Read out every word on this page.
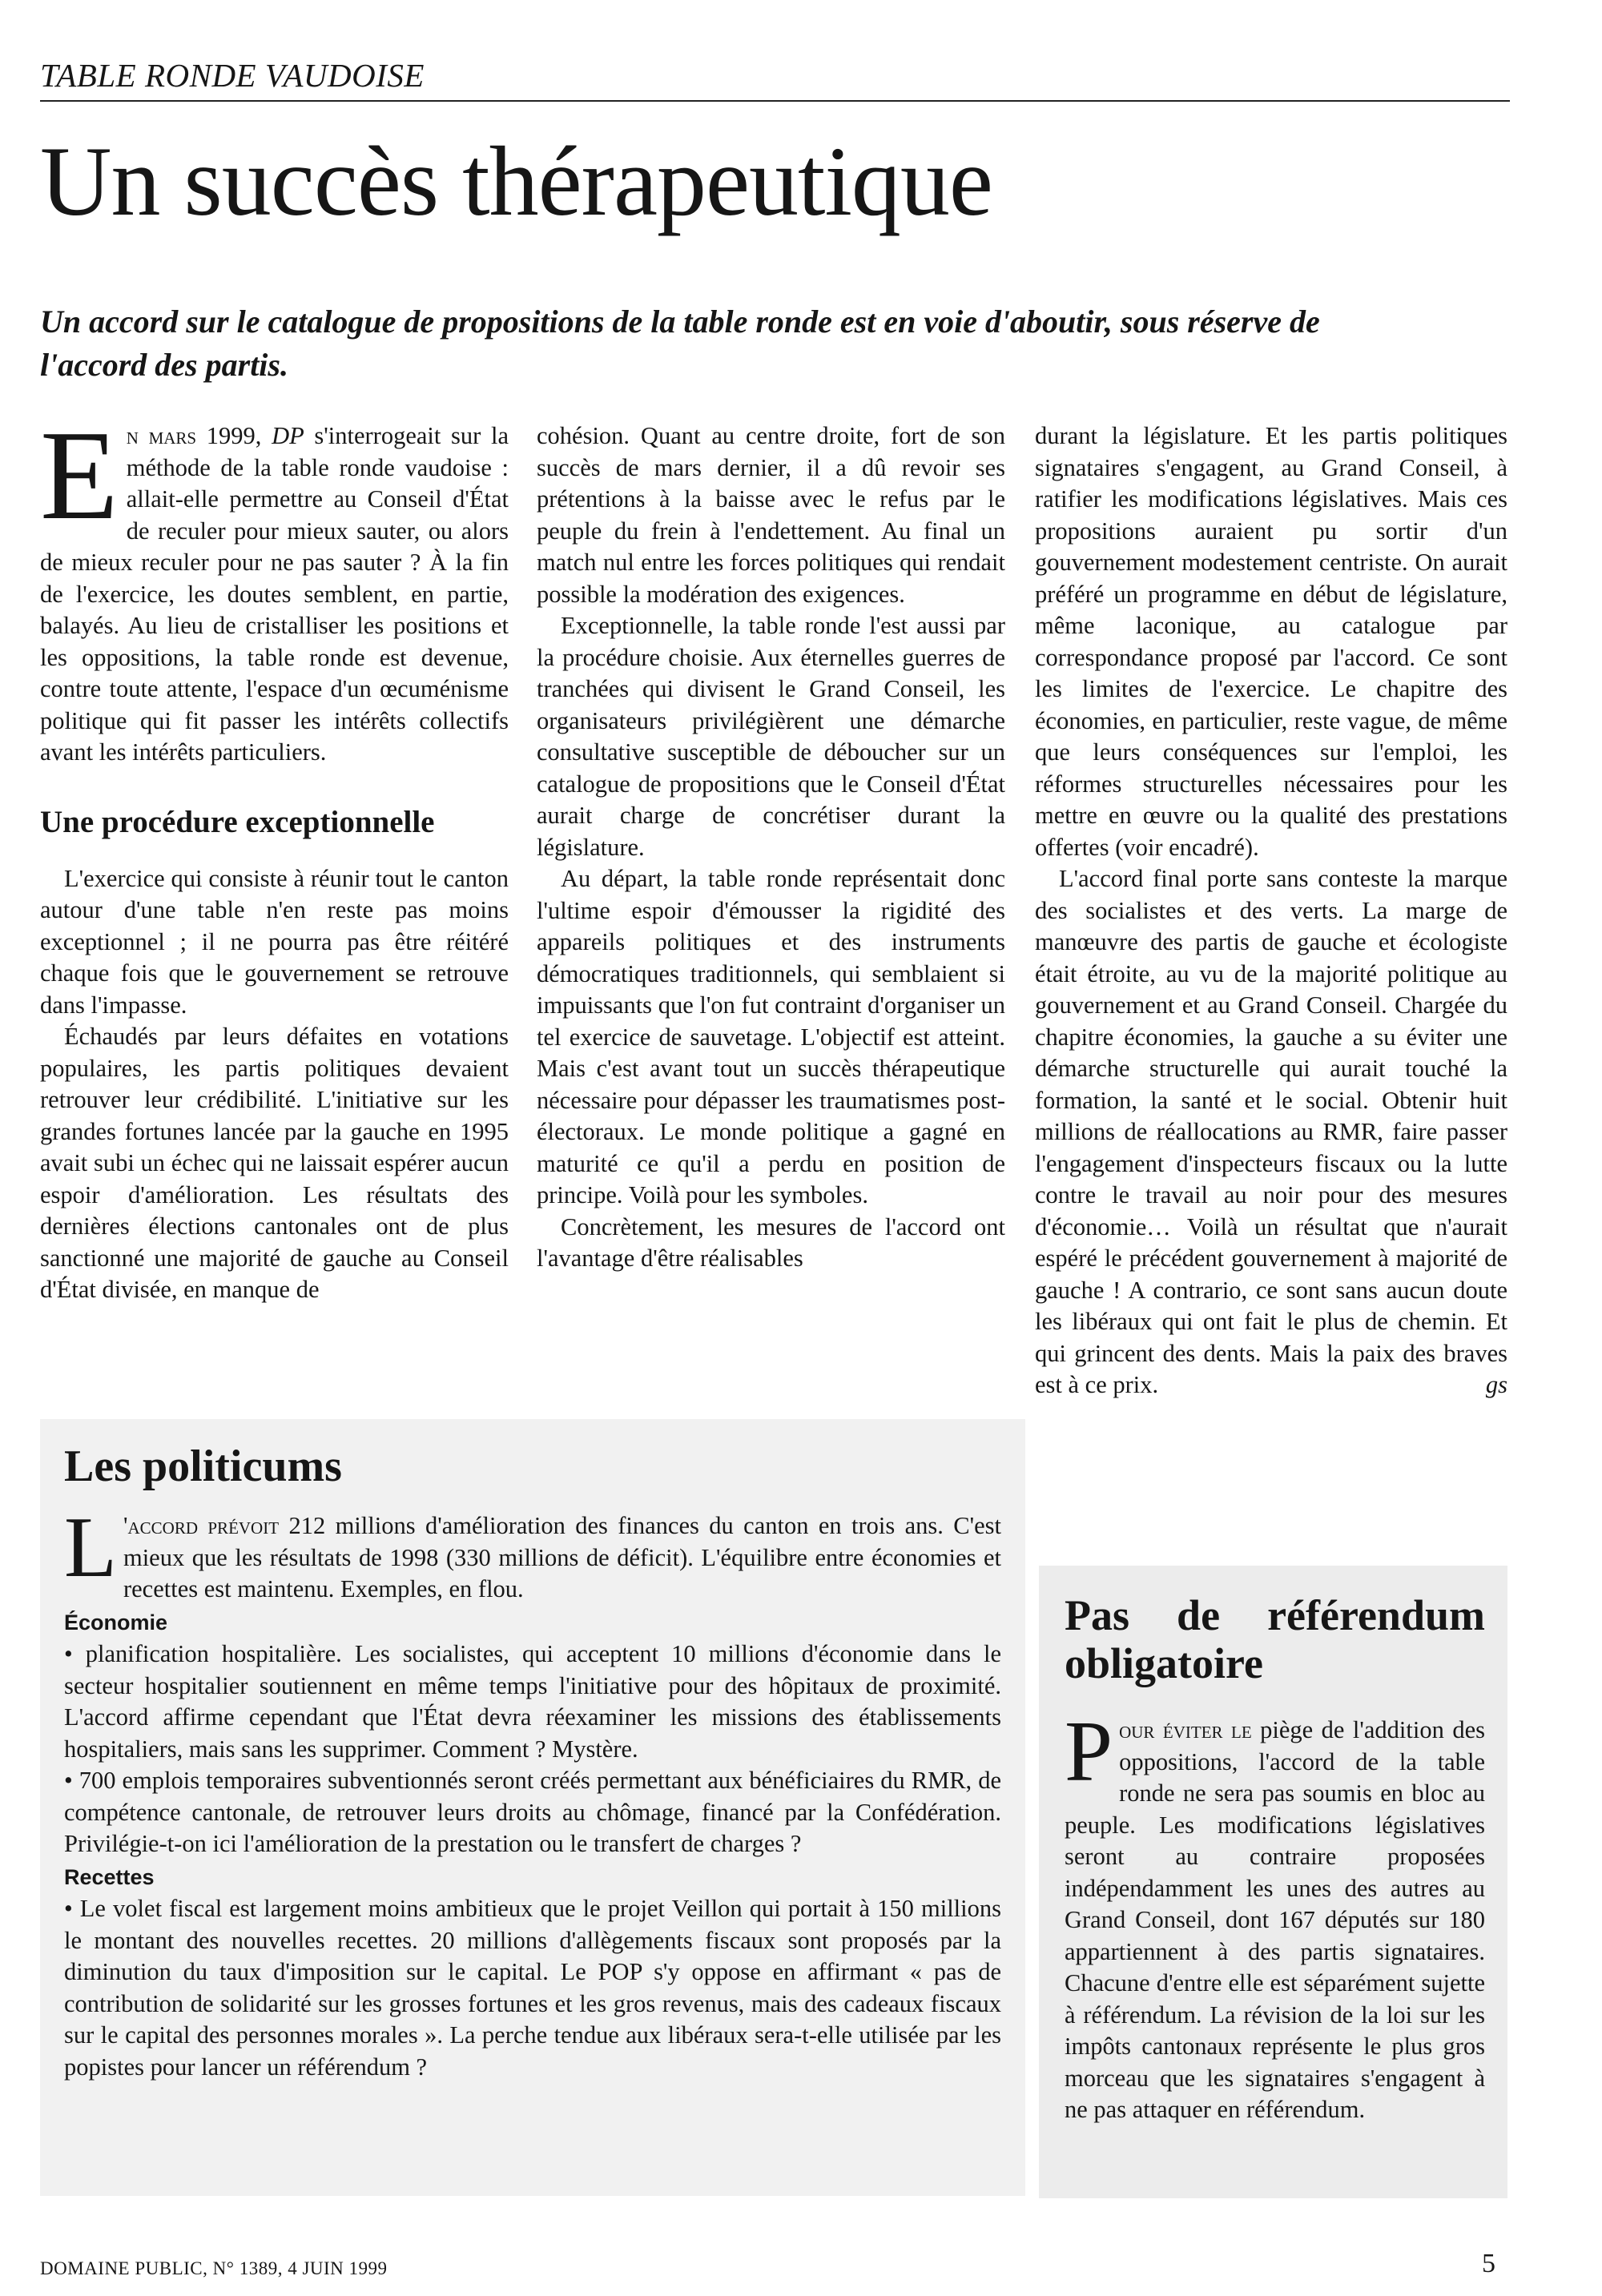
TABLE RONDE VAUDOISE
Un succès thérapeutique

Un accord sur le catalogue de propositions de la table ronde est en voie d'aboutir, sous réserve de l'accord des partis.

En mars 1999, DP s'interrogeait sur la méthode de la table ronde vaudoise : allait-elle permettre au Conseil d'État de reculer pour mieux sauter, ou alors de mieux reculer pour ne pas sauter ? À la fin de l'exercice, les doutes semblent, en partie, balayés. Au lieu de cristalliser les positions et les oppositions, la table ronde est devenue, contre toute attente, l'espace d'un œcuménisme politique qui fit passer les intérêts collectifs avant les intérêts particuliers.

Une procédure exceptionnelle

L'exercice qui consiste à réunir tout le canton autour d'une table n'en reste pas moins exceptionnel ; il ne pourra pas être réitéré chaque fois que le gouvernement se retrouve dans l'impasse.

Échaudés par leurs défaites en votations populaires, les partis politiques devaient retrouver leur crédibilité. L'initiative sur les grandes fortunes lancée par la gauche en 1995 avait subi un échec qui ne laissait espérer aucun espoir d'amélioration. Les résultats des dernières élections cantonales ont de plus sanctionné une majorité de gauche au Conseil d'État divisée, en manque de

cohésion. Quant au centre droite, fort de son succès de mars dernier, il a dû revoir ses prétentions à la baisse avec le refus par le peuple du frein à l'endettement. Au final un match nul entre les forces politiques qui rendait possible la modération des exigences.

Exceptionnelle, la table ronde l'est aussi par la procédure choisie. Aux éternelles guerres de tranchées qui divisent le Grand Conseil, les organisateurs privilégièrent une démarche consultative susceptible de déboucher sur un catalogue de propositions que le Conseil d'État aurait charge de concrétiser durant la législature.

Au départ, la table ronde représentait donc l'ultime espoir d'émousser la rigidité des appareils politiques et des instruments démocratiques traditionnels, qui semblaient si impuissants que l'on fut contraint d'organiser un tel exercice de sauvetage. L'objectif est atteint. Mais c'est avant tout un succès thérapeutique nécessaire pour dépasser les traumatismes post-électoraux. Le monde politique a gagné en maturité ce qu'il a perdu en position de principe. Voilà pour les symboles.

Concrètement, les mesures de l'accord ont l'avantage d'être réalisables

durant la législature. Et les partis politiques signataires s'engagent, au Grand Conseil, à ratifier les modifications législatives. Mais ces propositions auraient pu sortir d'un gouvernement modestement centriste. On aurait préféré un programme en début de législature, même laconique, au catalogue par correspondance proposé par l'accord. Ce sont les limites de l'exercice. Le chapitre des économies, en particulier, reste vague, de même que leurs conséquences sur l'emploi, les réformes structurelles nécessaires pour les mettre en œuvre ou la qualité des prestations offertes (voir encadré).

L'accord final porte sans conteste la marque des socialistes et des verts. La marge de manœuvre des partis de gauche et écologiste était étroite, au vu de la majorité politique au gouvernement et au Grand Conseil. Chargée du chapitre économies, la gauche a su éviter une démarche structurelle qui aurait touché la formation, la santé et le social. Obtenir huit millions de réallocations au RMR, faire passer l'engagement d'inspecteurs fiscaux ou la lutte contre le travail au noir pour des mesures d'économie… Voilà un résultat que n'aurait espéré le précédent gouvernement à majorité de gauche ! A contrario, ce sont sans aucun doute les libéraux qui ont fait le plus de chemin. Et qui grincent des dents. Mais la paix des braves est à ce prix.	gs

Les politicums

L 'accord prévoit 212 millions d'amélioration des finances du canton en trois ans. C'est mieux que les résultats de 1998 (330 millions de déficit). L'équilibre entre économies et recettes est maintenu. Exemples, en flou.

Économie

• planification hospitalière. Les socialistes, qui acceptent 10 millions d'économie dans le secteur hospitalier soutiennent en même temps l'initiative pour des hôpitaux de proximité. L'accord affirme cependant que l'État devra réexaminer les missions des établissements hospitaliers, mais sans les supprimer. Comment ? Mystère.

• 700 emplois temporaires subventionnés seront créés permettant aux bénéficiaires du RMR, de compétence cantonale, de retrouver leurs droits au chômage, financé par la Confédération. Privilégie-t-on ici l'amélioration de la prestation ou le transfert de charges ?

Recettes

• Le volet fiscal est largement moins ambitieux que le projet Veillon qui portait à 150 millions le montant des nouvelles recettes. 20 millions d'allègements fiscaux sont proposés par la diminution du taux d'imposition sur le capital. Le POP s'y oppose en affirmant « pas de contribution de solidarité sur les grosses fortunes et les gros revenus, mais des cadeaux fiscaux sur le capital des personnes morales ». La perche tendue aux libéraux sera-t-elle utilisée par les popistes pour lancer un référendum ?

Pas de référendum obligatoire

Pour éviter le piège de l'addition des oppositions, l'accord de la table ronde ne sera pas soumis en bloc au peuple. Les modifications législatives seront au contraire proposées indépendamment les unes des autres au Grand Conseil, dont 167 députés sur 180 appartiennent à des partis signataires. Chacune d'entre elle est séparément sujette à référendum. La révision de la loi sur les impôts cantonaux représente le plus gros morceau que les signataires s'engagent à ne pas attaquer en référendum.

DOMAINE PUBLIC, N° 1389, 4 JUIN 1999	5
